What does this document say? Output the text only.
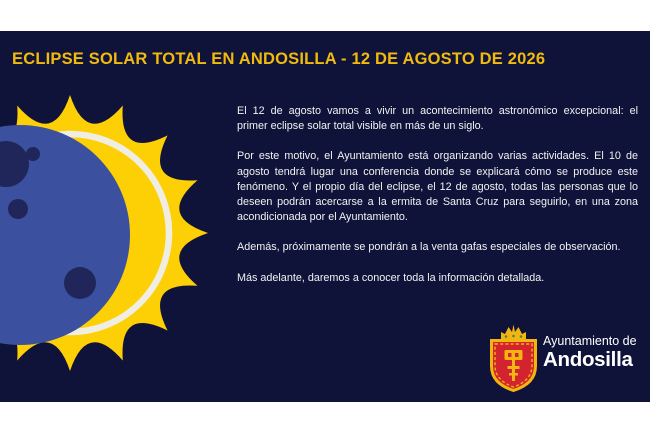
ECLIPSE SOLAR TOTAL EN ANDOSILLA - 12 DE AGOSTO DE 2026

El 12 de agosto vamos a vivir un acontecimiento astronómico excepcional: el primer eclipse solar total visible en más de un siglo.

Por este motivo, el Ayuntamiento está organizando varias actividades. El 10 de agosto tendrá lugar una conferencia donde se explicará cómo se produce este fenómeno. Y el propio día del eclipse, el 12 de agosto, todas las personas que lo deseen podrán acercarse a la ermita de Santa Cruz para seguirlo, en una zona acondicionada por el Ayuntamiento.

Además, próximamente se pondrán a la venta gafas especiales de observación.

Más adelante, daremos a conocer toda la información detallada.

Ayuntamiento de
Andosilla
